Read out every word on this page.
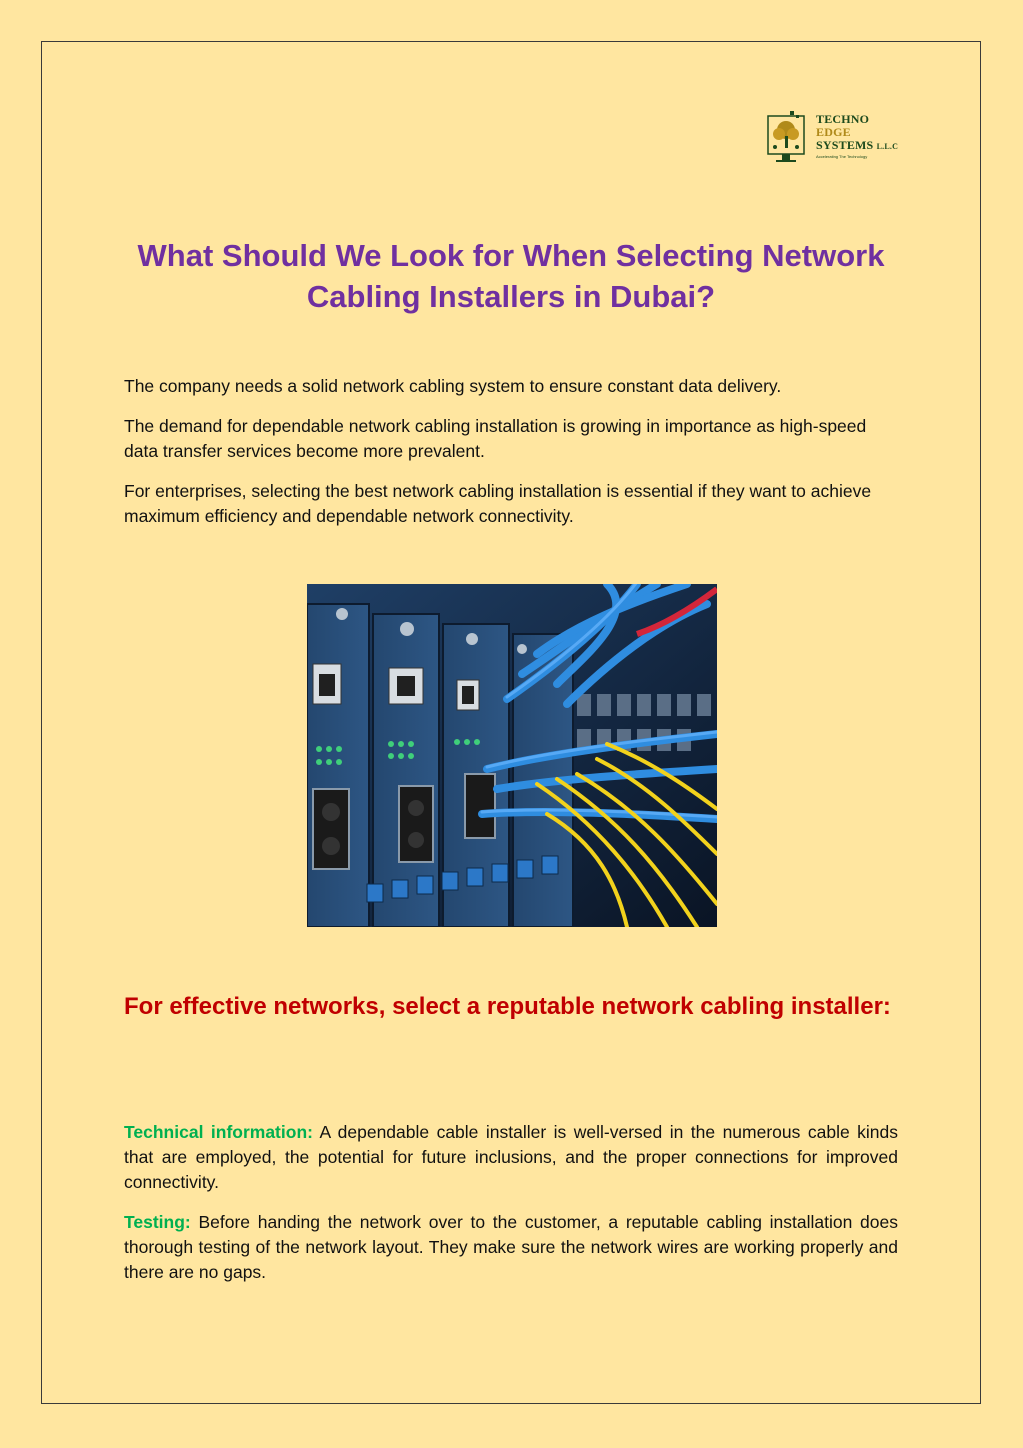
TECHNO
EDGE
SYSTEMS L.L.C
Accelerating The Technology
What Should We Look for When Selecting Network Cabling Installers in Dubai?

The company needs a solid network cabling system to ensure constant data delivery.

The demand for dependable network cabling installation is growing in importance as high-speed data transfer services become more prevalent.

For enterprises, selecting the best network cabling installation is essential if they want to achieve maximum efficiency and dependable network connectivity.

For effective networks, select a reputable network cabling installer:

Technical information: A dependable cable installer is well-versed in the numerous cable kinds that are employed, the potential for future inclusions, and the proper connections for improved connectivity.

Testing: Before handing the network over to the customer, a reputable cabling installation does thorough testing of the network layout. They make sure the network wires are working properly and there are no gaps.
